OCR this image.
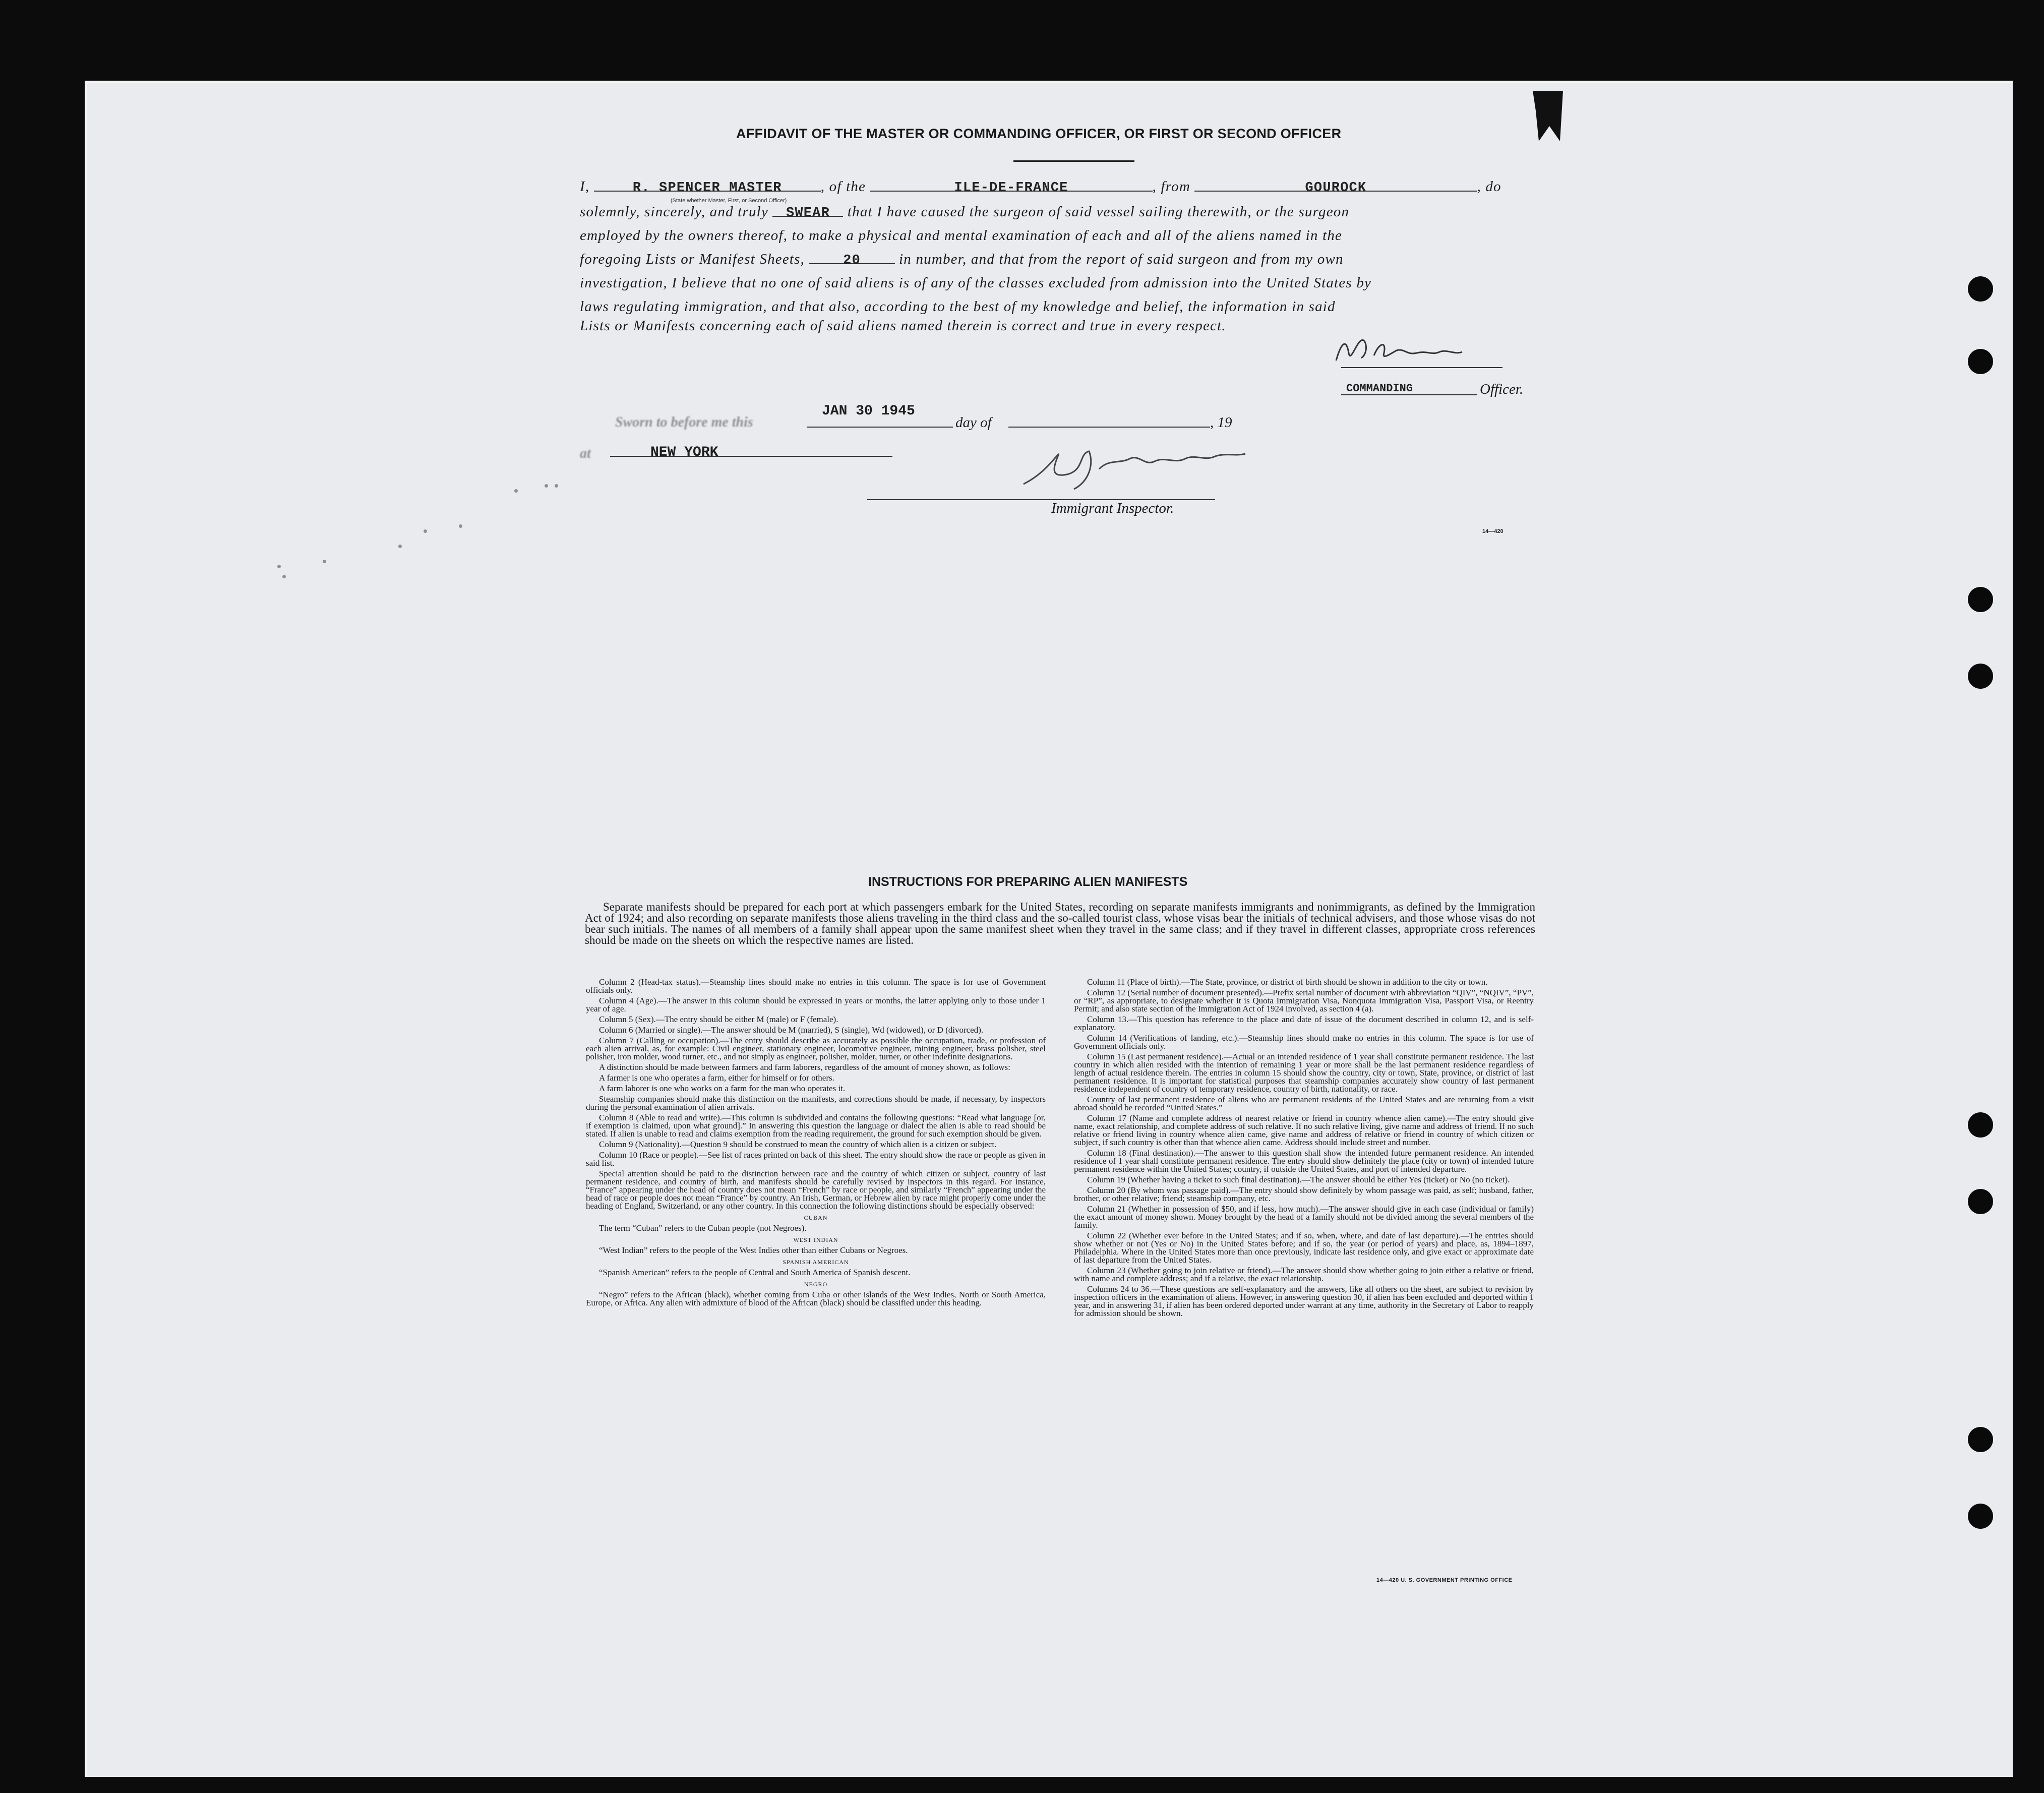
AFFIDAVIT OF THE MASTER OR COMMANDING OFFICER, OR FIRST OR SECOND OFFICER
I,	R. SPENCER MASTER	, of the	ILE-DE-FRANCE	, from	GOUROCK	, do
(State whether Master, First, or Second Officer)
solemnly, sincerely, and truly SWEAR that I have caused the surgeon of said vessel sailing therewith, or the surgeon
employed by the owners thereof, to make a physical and mental examination of each and all of the aliens named in the
foregoing Lists or Manifest Sheets,	20	in number, and that from the report of said surgeon and from my own
investigation, I believe that no one of said aliens is of any of the classes excluded from admission into the United States by
laws regulating immigration, and that also, according to the best of my knowledge and belief, the information in said
Lists or Manifests concerning each of said aliens named therein is correct and true in every respect.
R Spencer
COMMANDING	Officer.
Sworn to before me this
JAN 30 1945
day of	, 19
at	NEW YORK	G Fenn
Immigrant Inspector.
14—420
INSTRUCTIONS FOR PREPARING ALIEN MANIFESTS
Separate manifests should be prepared for each port at which passengers embark for the United States, recording on separate manifests immigrants and nonimmigrants, as defined by the Immigration Act of 1924; and also recording on separate manifests those aliens traveling in the third class and the so-called tourist class, whose visas bear the initials of technical advisers, and those whose visas do not bear such initials. The names of all members of a family shall appear upon the same manifest sheet when they travel in the same class; and if they travel in different classes, appropriate cross references should be made on the sheets on which the respective names are listed.

Column 2 (Head-tax status).—Steamship lines should make no entries in this column. The space is for use of Government officials only.

Column 4 (Age).—The answer in this column should be expressed in years or months, the latter applying only to those under 1 year of age.

Column 5 (Sex).—The entry should be either M (male) or F (female).

Column 6 (Married or single).—The answer should be M (married), S (single), Wd (widowed), or D (divorced).

Column 7 (Calling or occupation).—The entry should describe as accurately as possible the occupation, trade, or profession of each alien arrival, as, for example: Civil engineer, stationary engineer, locomotive engineer, mining engineer, brass polisher, steel polisher, iron molder, wood turner, etc., and not simply as engineer, polisher, molder, turner, or other indefinite designations.

A distinction should be made between farmers and farm laborers, regardless of the amount of money shown, as follows:

A farmer is one who operates a farm, either for himself or for others.

A farm laborer is one who works on a farm for the man who operates it.

Steamship companies should make this distinction on the manifests, and corrections should be made, if necessary, by inspectors during the personal examination of alien arrivals.

Column 8 (Able to read and write).—This column is subdivided and contains the following questions: “Read what language [or, if exemption is claimed, upon what ground].” In answering this question the language or dialect the alien is able to read should be stated. If alien is unable to read and claims exemption from the reading requirement, the ground for such exemption should be given.

Column 9 (Nationality).—Question 9 should be construed to mean the country of which alien is a citizen or subject.

Column 10 (Race or people).—See list of races printed on back of this sheet. The entry should show the race or people as given in said list.

Special attention should be paid to the distinction between race and the country of which citizen or subject, country of last permanent residence, and country of birth, and manifests should be carefully revised by inspectors in this regard. For instance, “France” appearing under the head of country does not mean “French” by race or people, and similarly “French” appearing under the head of race or people does not mean “France” by country. An Irish, German, or Hebrew alien by race might properly come under the heading of England, Switzerland, or any other country. In this connection the following distinctions should be especially observed:

CUBAN

The term “Cuban” refers to the Cuban people (not Negroes).

WEST INDIAN

“West Indian” refers to the people of the West Indies other than either Cubans or Negroes.

SPANISH AMERICAN

“Spanish American” refers to the people of Central and South America of Spanish descent.

NEGRO

“Negro” refers to the African (black), whether coming from Cuba or other islands of the West Indies, North or South America, Europe, or Africa. Any alien with admixture of blood of the African (black) should be classified under this heading.

Column 11 (Place of birth).—The State, province, or district of birth should be shown in addition to the city or town.

Column 12 (Serial number of document presented).—Prefix serial number of document with abbreviation “QIV”, “NQIV”, “PV”, or “RP”, as appropriate, to designate whether it is Quota Immigration Visa, Nonquota Immigration Visa, Passport Visa, or Reentry Permit; and also state section of the Immigration Act of 1924 involved, as section 4 (a).

Column 13.—This question has reference to the place and date of issue of the document described in column 12, and is self-explanatory.

Column 14 (Verifications of landing, etc.).—Steamship lines should make no entries in this column. The space is for use of Government officials only.

Column 15 (Last permanent residence).—Actual or an intended residence of 1 year shall constitute permanent residence. The last country in which alien resided with the intention of remaining 1 year or more shall be the last permanent residence regardless of length of actual residence therein. The entries in column 15 should show the country, city or town, State, province, or district of last permanent residence. It is important for statistical purposes that steamship companies accurately show country of last permanent residence independent of country of temporary residence, country of birth, nationality, or race.

Country of last permanent residence of aliens who are permanent residents of the United States and are returning from a visit abroad should be recorded “United States.”

Column 17 (Name and complete address of nearest relative or friend in country whence alien came).—The entry should give name, exact relationship, and complete address of such relative. If no such relative living, give name and address of friend. If no such relative or friend living in country whence alien came, give name and address of relative or friend in country of which citizen or subject, if such country is other than that whence alien came. Address should include street and number.

Column 18 (Final destination).—The answer to this question shall show the intended future permanent residence. An intended residence of 1 year shall constitute permanent residence. The entry should show definitely the place (city or town) of intended future permanent residence within the United States; country, if outside the United States, and port of intended departure.

Column 19 (Whether having a ticket to such final destination).—The answer should be either Yes (ticket) or No (no ticket).

Column 20 (By whom was passage paid).—The entry should show definitely by whom passage was paid, as self; husband, father, brother, or other relative; friend; steamship company, etc.

Column 21 (Whether in possession of $50, and if less, how much).—The answer should give in each case (individual or family) the exact amount of money shown. Money brought by the head of a family should not be divided among the several members of the family.

Column 22 (Whether ever before in the United States; and if so, when, where, and date of last departure).—The entries should show whether or not (Yes or No) in the United States before; and if so, the year (or period of years) and place, as, 1894–1897, Philadelphia. Where in the United States more than once previously, indicate last residence only, and give exact or approximate date of last departure from the United States.

Column 23 (Whether going to join relative or friend).—The answer should show whether going to join either a relative or friend, with name and complete address; and if a relative, the exact relationship.

Columns 24 to 36.—These questions are self-explanatory and the answers, like all others on the sheet, are subject to revision by inspection officers in the examination of aliens. However, in answering question 30, if alien has been excluded and deported within 1 year, and in answering 31, if alien has been ordered deported under warrant at any time, authority in the Secretary of Labor to reapply for admission should be shown.

14—420 U. S. GOVERNMENT PRINTING OFFICE
